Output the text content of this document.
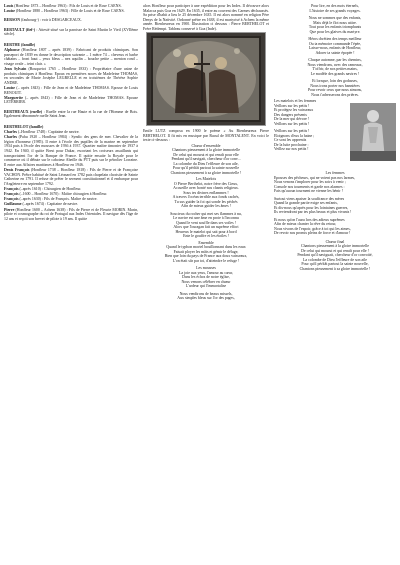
Louis (Honfleur 1873 – Honfleur 1963) : Fils de Louis et de Rose CAENS.

Louise (Honfleur 1880 – Honfleur 1963) : Fille de Louis et de Rose CAENS.

BERSON (faubourg-) : voir à DESGARCEAUX.

BERTAULT (fief-) : Attesté situé sur la paroisse de Saint Martin le Vieil (XVIIème siècle).

BERTHE (famille)

Alphonse (Honfleur 1807 – après 1839) : Fabricant de produits chimiques. Son passeport de 1839 en donne le description suivante – 1 mètre 74 – cheveux et barbe châtains – front haut – yeux bleus – nez aquilin – bouche petite – menton rond – visage ovale – teint clair. »

Jean Sylvain (Bouquetot 1765 – Honfleur 1833) : Propriétaire d'une usine de produits chimiques à Honfleur. Epoux en premières noces de Madeleine THOMAS, en secondes de Marie Josèphe LEGRELLE et en troisièmes de Thérèse Sophie ANDRE.

Louise (– après 1843) : Fille de Jean et de Madeleine THOMAS. Epouse de Louis BENOUIT.

Marguerite (– après 1843) : Fille de Jean et de Madeleine THOMAS. Epouse LETERRIER.

BERTHEAUX (ruelle) : Ruelle entre la rue Haute et la rue de l'Homme de Bois. Egalement dénommée ruelle Saint Jean.

BERTHELOT (famille)

Charles (–Honfleur 1748) : Capitaine de navire.

Charles (Pahu 1920 – Honfleur 1984) : Syndic des gens de mer. Chevalier de la légion d'honneur (1985). Il entre à l'école des pupilles de la marine en septembre 1934 puis à l'école des mousses de 1936 à 1937. Quartier maître timonier de 1937 à 1942. En 1940, il quitte Brest pour Dakar, escortant les croiseurs assaillants qui transportaient l'or de la Banque de France. Il quitte ensuite la Royale pour le commerce où il débute sur le caboteur Abeille du PTT puis sur le pétrolier Lorraine. Il entre aux Affaires maritimes à Honfleur en 1946.

Denis François (Honfleur 1738 – Honfleur 1818) : Fils de Pierre et de Françoise VACHON. Prêtre habitué de Saint Léonard en 1782 puis chapelain chorisite de Sainte Catherine en 1791. Il refuse de prêter le serment constitutionnel et il embarque pour l'Angleterre en septembre 1792.

François (–après 1610) : Chirurgien de Honfleur.

François (–1600 – Honfleur 1670) : Maître chirurgien à Honfleur.

François (–après 1630) : Fils de François. Maître de navire.

Guillaume (–après 1674) : Capitaine de navire.

Pierre (Honfleur 1600 – Achem 1638) : Fils de Pierre et de Fleurie MORIN. Marin, pilote et cosmographe du roi de Portugal aux Indes Orientales. Il navigue dès l'âge de 12 ans et reçoit son brevet de pilote à 19 ans. Il quitte

alors Honfleur pour participer à une expédition pour les Indes. Il découvre alors Malacca puis Goa en 1629. En 1635, il entre au couvent des Carmes déchaussés. Sa prise d'habit a lieu le 25 décembre 1635. Il est alors nommé en religion Père Denys de la Nativité. Ordonné prêtre en 1638, il est martyrisé à Achem la même année. Bienheureux en 1900. Illustration ci dessous : Pierre BERTHELOT et Frère Rédempt. Tableau conservé à Goa (Inde).

Emile LUTZ composa en 1900 le poème « Au Bienheureux Pierre BERTHELOT. Il fit mis en musique par Raoul de MONTALENT. En voici le texte ci-dessous :

Chœur d'ensemble

Chantons pieusement à la gloire immortelle

De celui qui mourut et qui renaît pour elle

Pendant qu'il navigait, chercheur d'or conv...

La colombe du Dieu l'effleure de son aile,

Pour qu'il pérîtât partout la sainte nouvelle

Chantons pieusement à sa gloire immortelle !

Les Matelots

O Pierre Berthelot, notre frère des Cieux,

Accueille avec bonté nos chants religieux.

Sous tes divines enflammes !

A travers l'océan terrible aux fonds cachés,

Tu sus guider la foi qui sonde les péchés

Afin de mieux guider les âmes !

Soucieux du rocher qui met ses flammes à nu,

Le navire est une âme en proie à l'inconnu

Quand le vent souffle dans ses voiles !

Alors que l'ouragan fait un suprême effort

Heureux le matelot qui sait pour à bord

Ente le gouffre et les étoiles !

Ensemble

Quand le typhon mortel bouillonnant dans les eaux

Faisait ployer les mâts et gémir le déluge,

Bien que loin du pays de France aux doux vaisseaux,

L'on était sûr par toi, d'atteindre le refuge !

Les mousses

La joie aux yeux, l'amour au cœur,

Dans les échos de notre église,

Nous venons célébrer en chœur

L'ardeur qui l'immortalise

Nous vendirons de beaux missels,

Aux simples bleus sur l'or des pages,

Pour lire, en des mots éternels,

L'histoire de ses grands voyages.

Nous ne sommes que des enfants,

Mais déjà le flot nous attire.

Tout pour les enfants triomphants

Que pour les glaives du martyre.

Héros chrétien des temps meilleur

Ou ta mémoire commande l'épée,

Laisse-nous, enfants de Honfleur,

Adorer ta sainte épopée !

Chaque automne, par les chemins,

Nous viendrons, avec des rameaux,

T'offrir, de nos petites mains,

Le modèle des grands navires !

Et lorsque, loin des godasses,

Nous irons porter nos bannières

Pour revoir ceux que nous aimons,

Nous t'adresserons des prières.

Les matelots et les femmes

Veillons sur les petits !

Et protégez les vaisseaux

Des dangers présents

De la mer qui dévore !

Veillons sur les petits !

Veillons sur les petits !

Eloignons d'eux la haine ;

Ce sont les apprentis

De la lutte prochaine :

Veillez sur nos petits !

Les femmes

Epouses des pêcheurs, qui ne voient pas nos larmes,

Nous venons t'implorer pour les soirs à venir ;

Console nos tourments et garde nos alarmes :

Fais qu'aucun tourment ne vienne les bénir !

Surtout viens apaiser la souffrance des mères

Quand la grande partie exige ses enfants,

Et dis-nous qu'après pour les lointaines guerres,

Ils reviendront par tes plus beaux et plus vivants !

Et nous qu'on l'aura lors des adieux suprêmes

Afin de mieux chanter la rêve du retour,

Nous vivons de l'espoir, grâce à toi qui les aimes,

De revoir nos promis pleins de force et d'amour !

Chœur final

Chantons pieusement à la gloire immortelle

De celui qui mourut et qui renaît pour elle !

Pendant qu'il naviguait, chercheur d'or convoité,

La colombe de Dieu l'effleure de son aile

Pour qu'il pérîtât partout la sainte nouvelle,

Chantons pieusement à sa gloire immortelle !
